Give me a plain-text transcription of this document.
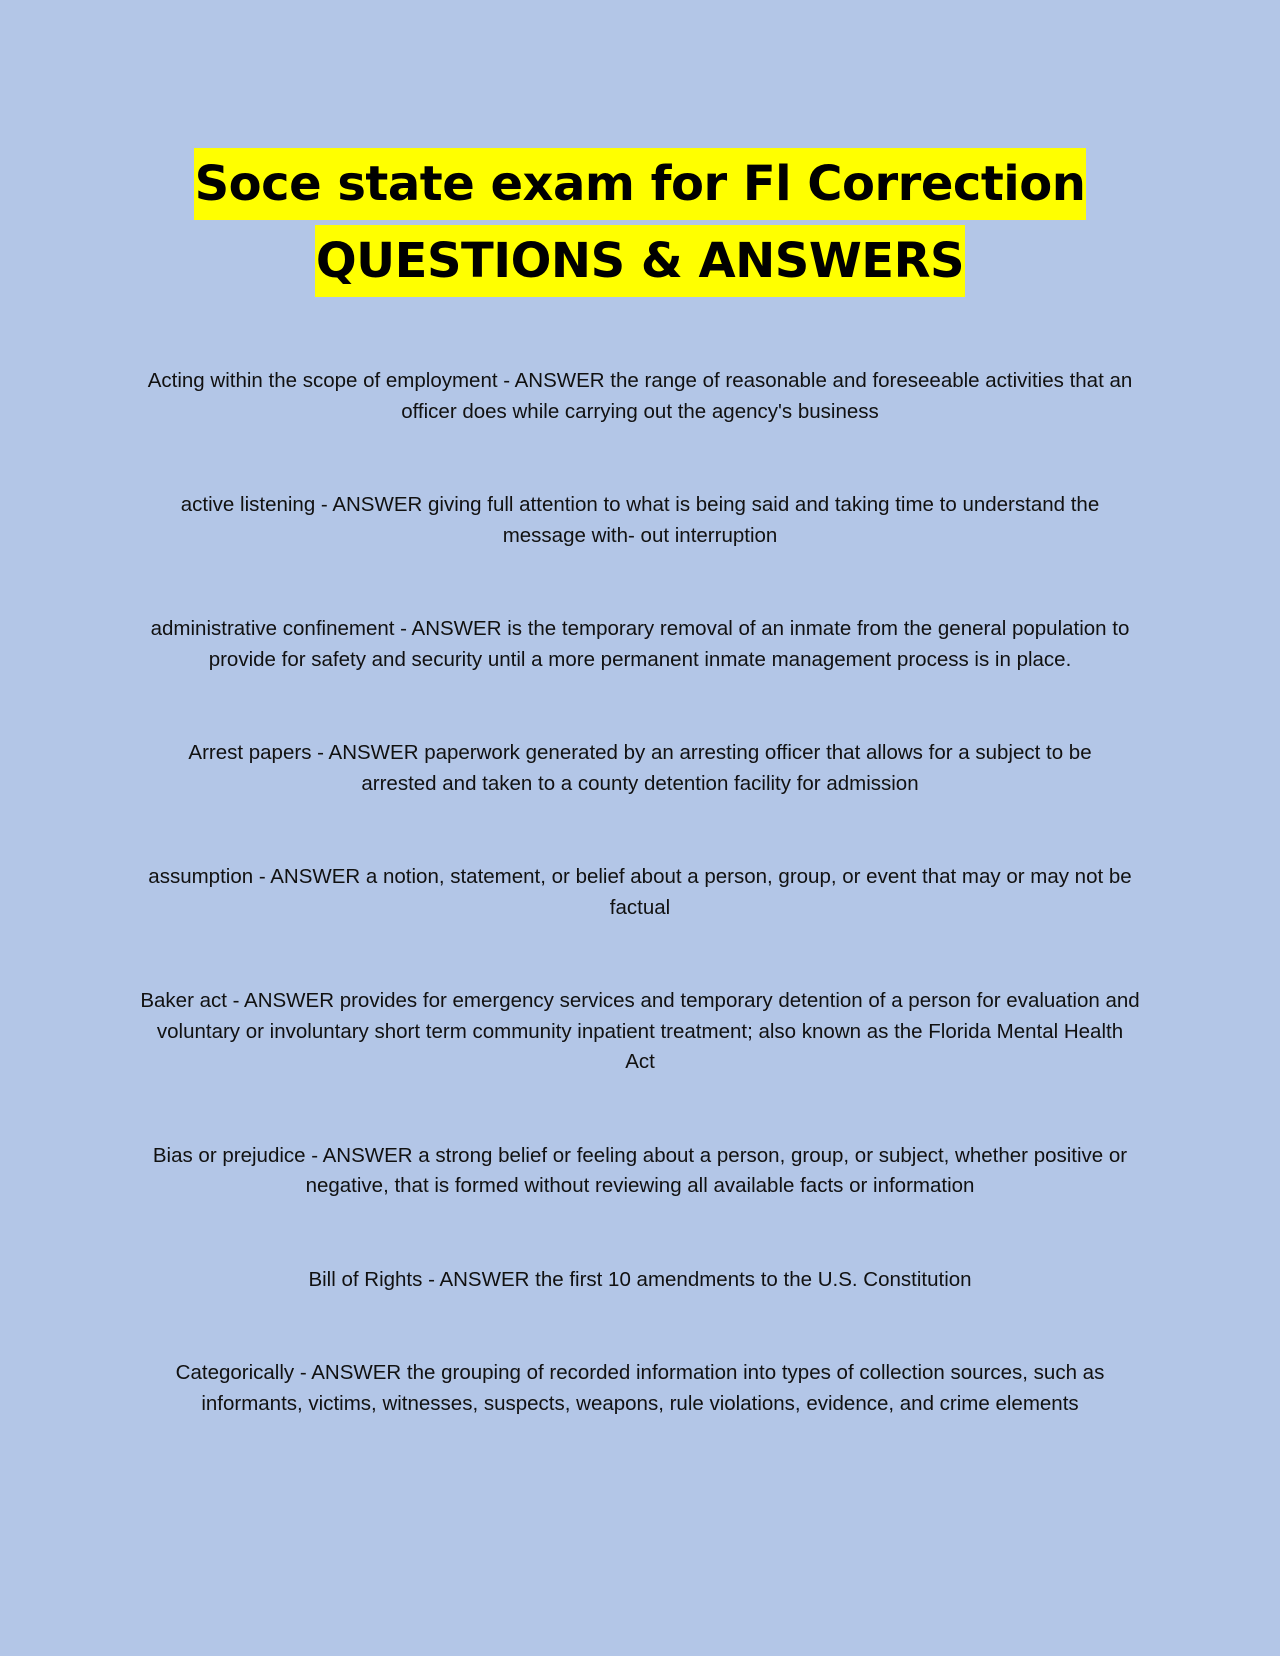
Soce state exam for Fl Correction
QUESTIONS & ANSWERS

Acting within the scope of employment - ANSWER the range of reasonable and foreseeable activities that an officer does while carrying out the agency's business

active listening - ANSWER giving full attention to what is being said and taking time to understand the message with- out interruption

administrative confinement - ANSWER is the temporary removal of an inmate from the general population to provide for safety and security until a more permanent inmate management process is in place.

Arrest papers - ANSWER paperwork generated by an arresting officer that allows for a subject to be arrested and taken to a county detention facility for admission

assumption - ANSWER a notion, statement, or belief about a person, group, or event that may or may not be factual

Baker act - ANSWER provides for emergency services and temporary detention of a person for evaluation and voluntary or involuntary short term community inpatient treatment; also known as the Florida Mental Health Act

Bias or prejudice - ANSWER a strong belief or feeling about a person, group, or subject, whether positive or negative, that is formed without reviewing all available facts or information

Bill of Rights - ANSWER the first 10 amendments to the U.S. Constitution

Categorically - ANSWER the grouping of recorded information into types of collection sources, such as informants, victims, witnesses, suspects, weapons, rule violations, evidence, and crime elements
